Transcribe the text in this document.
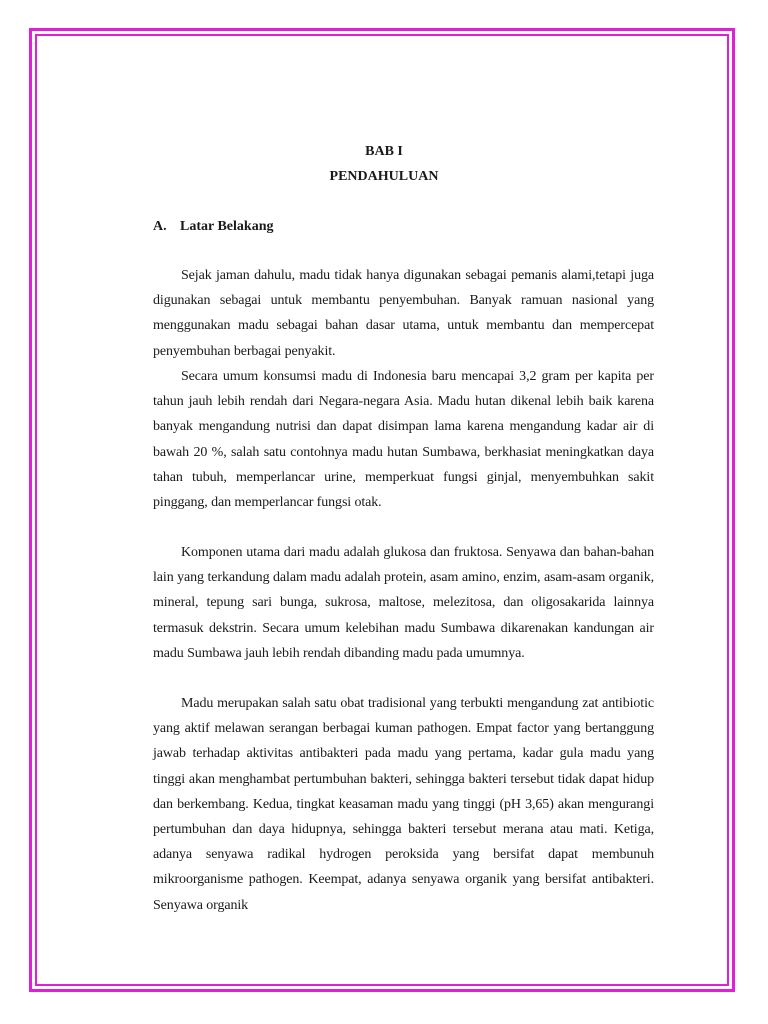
BAB I
PENDAHULUAN
A. Latar Belakang

Sejak jaman dahulu, madu tidak hanya digunakan sebagai pemanis alami,tetapi juga digunakan sebagai untuk membantu penyembuhan. Banyak ramuan nasional yang menggunakan madu sebagai bahan dasar utama, untuk membantu dan mempercepat penyembuhan berbagai penyakit.

Secara umum konsumsi madu di Indonesia baru mencapai 3,2 gram per kapita per tahun jauh lebih rendah dari Negara-negara Asia. Madu hutan dikenal lebih baik karena banyak mengandung nutrisi dan dapat disimpan lama karena mengandung kadar air di bawah 20 %, salah satu contohnya madu hutan Sumbawa, berkhasiat meningkatkan daya tahan tubuh, memperlancar urine, memperkuat fungsi ginjal, menyembuhkan sakit pinggang, dan memperlancar fungsi otak.

Komponen utama dari madu adalah glukosa dan fruktosa. Senyawa dan bahan-bahan lain yang terkandung dalam madu adalah protein, asam amino, enzim, asam-asam organik, mineral, tepung sari bunga, sukrosa, maltose, melezitosa, dan oligosakarida lainnya termasuk dekstrin. Secara umum kelebihan madu Sumbawa dikarenakan kandungan air madu Sumbawa jauh lebih rendah dibanding madu pada umumnya.

Madu merupakan salah satu obat tradisional yang terbukti mengandung zat antibiotic yang aktif melawan serangan berbagai kuman pathogen. Empat factor yang bertanggung jawab terhadap aktivitas antibakteri pada madu yang pertama, kadar gula madu yang tinggi akan menghambat pertumbuhan bakteri, sehingga bakteri tersebut tidak dapat hidup dan berkembang. Kedua, tingkat keasaman madu yang tinggi (pH 3,65) akan mengurangi pertumbuhan dan daya hidupnya, sehingga bakteri tersebut merana atau mati. Ketiga, adanya senyawa radikal hydrogen peroksida yang bersifat dapat membunuh mikroorganisme pathogen. Keempat, adanya senyawa organik yang bersifat antibakteri. Senyawa organik
